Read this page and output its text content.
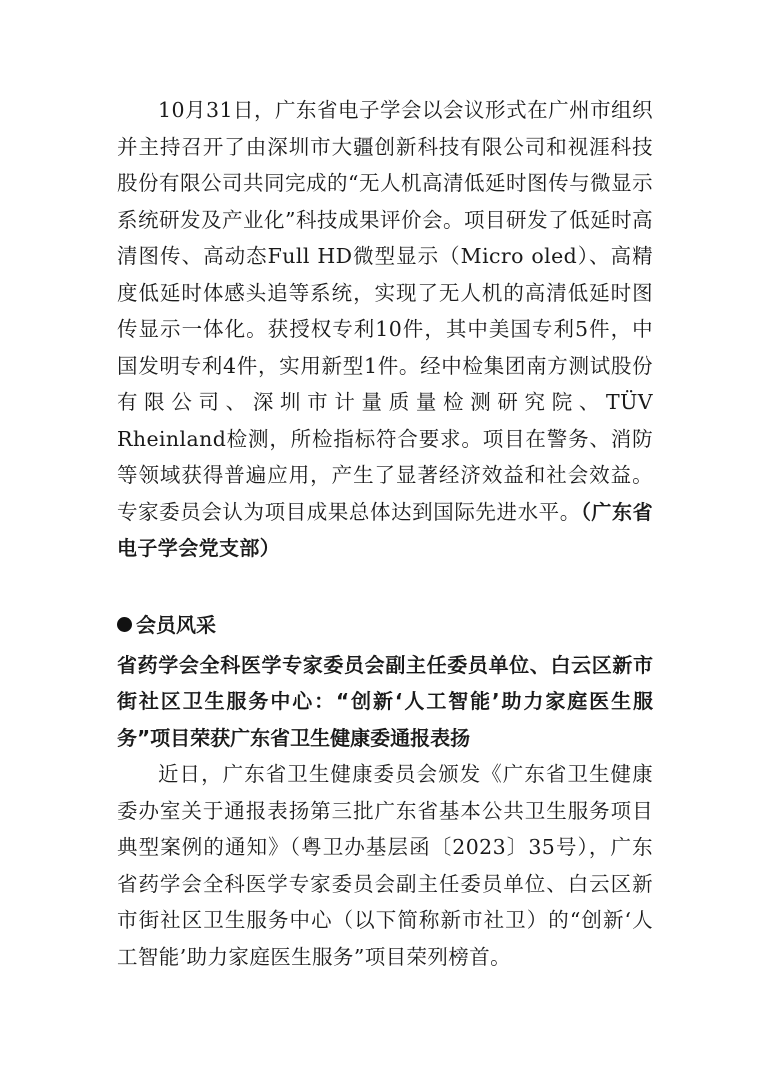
10月31日，广东省电子学会以会议形式在广州市组织并主持召开了由深圳市大疆创新科技有限公司和视涯科技股份有限公司共同完成的“无人机高清低延时图传与微显示系统研发及产业化”科技成果评价会。项目研发了低延时高清图传、高动态Full HD微型显示（Micro oled）、高精度低延时体感头追等系统，实现了无人机的高清低延时图传显示一体化。获授权专利10件，其中美国专利5件，中国发明专利4件，实用新型1件。经中检集团南方测试股份有限公司、深圳市计量质量检测研究院、TÜV Rheinland检测，所检指标符合要求。项目在警务、消防等领域获得普遍应用，产生了显著经济效益和社会效益。专家委员会认为项目成果总体达到国际先进水平。（广东省电子学会党支部）

会员风采
省药学会全科医学专家委员会副主任委员单位、白云区新市街社区卫生服务中心：“创新‘人工智能’助力家庭医生服务”项目荣获广东省卫生健康委通报表扬

近日，广东省卫生健康委员会颁发《广东省卫生健康委办室关于通报表扬第三批广东省基本公共卫生服务项目典型案例的通知》（粤卫办基层函〔2023〕35号），广东省药学会全科医学专家委员会副主任委员单位、白云区新市街社区卫生服务中心（以下简称新市社卫）的“创新‘人工智能’助力家庭医生服务”项目荣列榜首。
